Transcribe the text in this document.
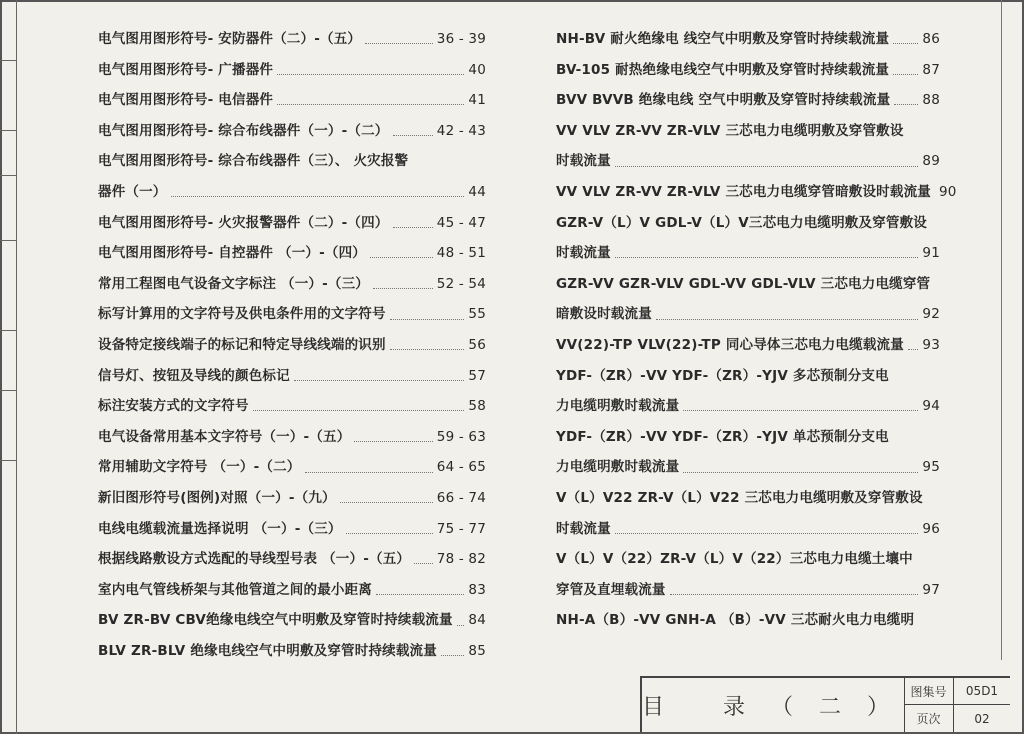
电气图用图形符号- 安防器件（二）-（五）	36 - 39
电气图用图形符号- 广播器件	40
电气图用图形符号- 电信器件	41
电气图用图形符号- 综合布线器件（一）-（二）	42 - 43
电气图用图形符号- 综合布线器件（三）、 火灾报警
器件（一）	44
电气图用图形符号- 火灾报警器件（二）-（四）	45 - 47
电气图用图形符号- 自控器件 （一）-（四）	48 - 51
常用工程图电气设备文字标注 （一）-（三）	52 - 54
标写计算用的文字符号及供电条件用的文字符号	55
设备特定接线端子的标记和特定导线线端的识别	56
信号灯、按钮及导线的颜色标记	57
标注安装方式的文字符号	58
电气设备常用基本文字符号（一）-（五）	59 - 63
常用辅助文字符号 （一）-（二）	64 - 65
新旧图形符号(图例)对照（一）-（九）	66 - 74
电线电缆载流量选择说明 （一）-（三）	75 - 77
根据线路敷设方式选配的导线型号表 （一）-（五） 78 - 82
室内电气管线桥架与其他管道之间的最小距离	83
BV ZR-BV CBV绝缘电线空气中明敷及穿管时持续载流量 84
BLV ZR-BLV 绝缘电线空气中明敷及穿管时持续载流量 85
NH-BV 耐火绝缘电 线空气中明敷及穿管时持续载流量 86
BV-105 耐热绝缘电线空气中明敷及穿管时持续载流量 87
BVV BVVB 绝缘电线 空气中明敷及穿管时持续载流量 88
VV VLV ZR-VV ZR-VLV 三芯电力电缆明敷及穿管敷设
时载流量	89
VV VLV ZR-VV ZR-VLV 三芯电力电缆穿管暗敷设时载流量 90
GZR-V（L）V GDL-V（L）V三芯电力电缆明敷及穿管敷设
时载流量	91
GZR-VV GZR-VLV GDL-VV GDL-VLV 三芯电力电缆穿管
暗敷设时载流量	92
VV(22)-TP VLV(22)-TP 同心导体三芯电力电缆载流量 93
YDF-（ZR）-VV YDF-（ZR）-YJV 多芯预制分支电
力电缆明敷时载流量	94
YDF-（ZR）-VV YDF-（ZR）-YJV 单芯预制分支电
力电缆明敷时载流量	95
V（L）V22 ZR-V（L）V22 三芯电力电缆明敷及穿管敷设
时载流量	96
V（L）V（22）ZR-V（L）V（22）三芯电力电缆土壤中
穿管及直埋载流量	97
NH-A（B）-VV GNH-A （B）-VV 三芯耐火电力电缆明
目 录（二）
图集号	05D1
页次	02
